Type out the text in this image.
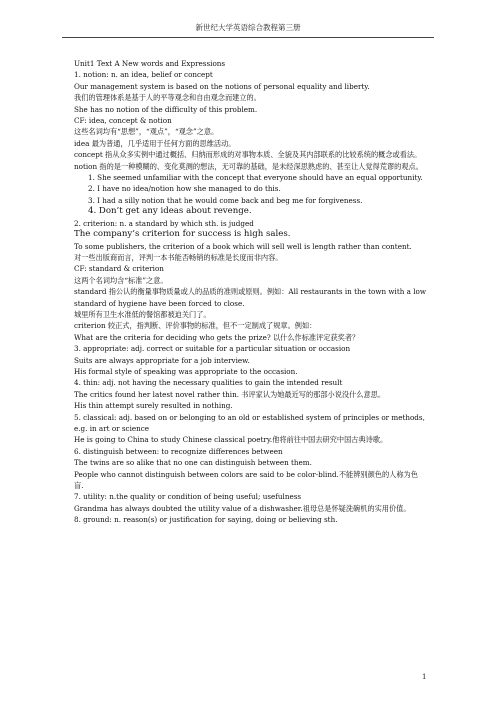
新世纪大学英语综合教程第三册

Unit1 Text A New words and Expressions

1. notion: n. an idea, belief or concept

Our management system is based on the notions of personal equality and liberty.

我们的管理体系是基于人的平等观念和自由观念而建立的。

She has no notion of the difficulty of this problem.

CF: idea, concept & notion

这些名词均有“思想”，“观点”，“观念”之意。

idea 最为普通，几乎适用于任何方面的思维活动。

concept 指从众多实例中通过概括、归纳而形成的对事物本质、全貌及其内部联系的比较系统的概念或看法。

notion 指的是一种模糊的、变化莫测的想法，无可靠的基础，是未经深思熟虑的、甚至让人觉得荒谬的观点。

1. She seemed unfamiliar with the concept that everyone should have an equal opportunity.

2. I have no idea/notion how she managed to do this.

3. I had a silly notion that he would come back and beg me for forgiveness.

4. Don’t get any ideas about revenge.

2. criterion: n. a standard by which sth. is judged

The company’s criterion for success is high sales.

To some publishers, the criterion of a book which will sell well is length rather than content.

对一些出版商而言，评判一本书能否畅销的标准是长度而非内容。

CF: standard & criterion

这两个名词均含“标准”之意。

standard 指公认的衡量事物质量或人的品质的准则或原则。例如：All restaurants in the town with a low standard of hygiene have been forced to close.

城里所有卫生水准低的餐馆都被迫关门了。

criterion 较正式，指判断、评价事物的标准，但不一定制成了规章。例如：

What are the criteria for deciding who gets the prize? 以什么作标准评定获奖者？

3. appropriate: adj. correct or suitable for a particular situation or occasion

Suits are always appropriate for a job interview.

His formal style of speaking was appropriate to the occasion.

4. thin: adj. not having the necessary qualities to gain the intended result

The critics found her latest novel rather thin. 书评家认为她最近写的那部小说没什么意思。

His thin attempt surely resulted in nothing.

5. classical: adj. based on or belonging to an old or established system of principles or methods, e.g. in art or science

He is going to China to study Chinese classical poetry.他将前往中国去研究中国古典诗歌。

6. distinguish between: to recognize differences between

The twins are so alike that no one can distinguish between them.

People who cannot distinguish between colors are said to be color-blind.不能辨别颜色的人称为色盲.

7. utility: n.the quality or condition of being useful; usefulness

Grandma has always doubted the utility value of a dishwasher.祖母总是怀疑洗碗机的实用价值。

8. ground: n. reason(s) or justification for saying, doing or believing sth.

1
